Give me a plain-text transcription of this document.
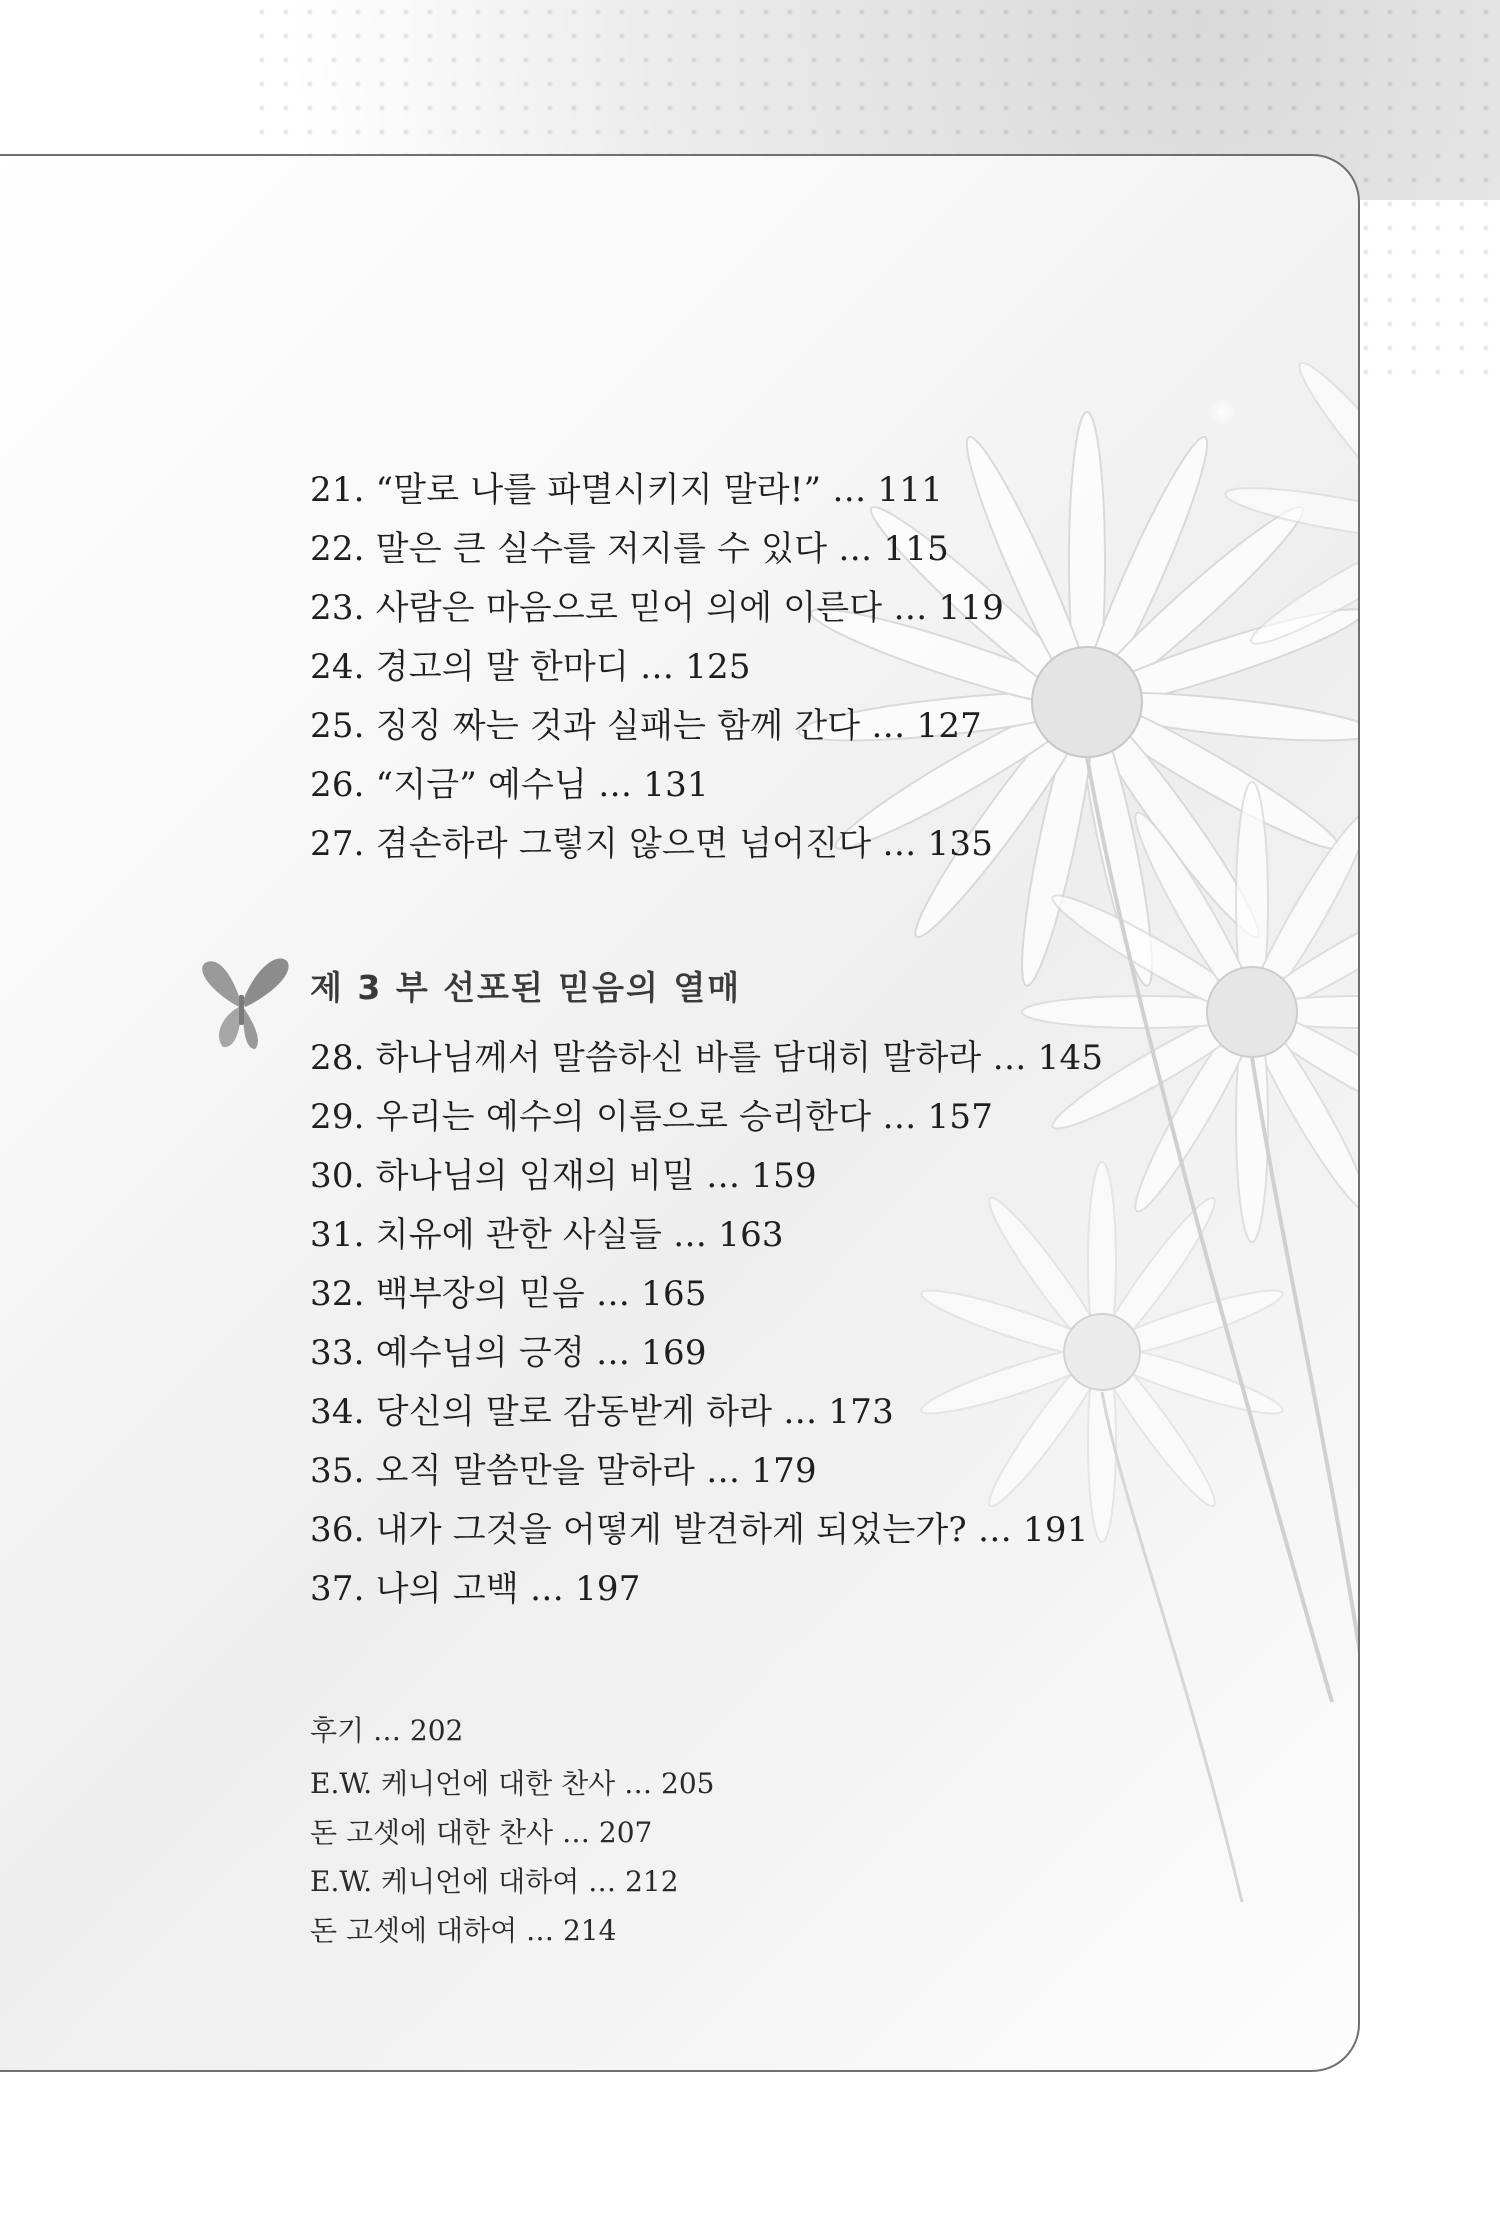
21. “말로 나를 파멸시키지 말라!” … 111
22. 말은 큰 실수를 저지를 수 있다 … 115
23. 사람은 마음으로 믿어 의에 이른다 … 119
24. 경고의 말 한마디 … 125
25. 징징 짜는 것과 실패는 함께 간다 … 127
26. “지금” 예수님 … 131
27. 겸손하라 그렇지 않으면 넘어진다 … 135
제 3 부 선포된 믿음의 열매
28. 하나님께서 말씀하신 바를 담대히 말하라 … 145
29. 우리는 예수의 이름으로 승리한다 … 157
30. 하나님의 임재의 비밀 … 159
31. 치유에 관한 사실들 … 163
32. 백부장의 믿음 … 165
33. 예수님의 긍정 … 169
34. 당신의 말로 감동받게 하라 … 173
35. 오직 말씀만을 말하라 … 179
36. 내가 그것을 어떻게 발견하게 되었는가? … 191
37. 나의 고백 … 197
후기 … 202
E.W. 케니언에 대한 찬사 … 205
돈 고셋에 대한 찬사 … 207
E.W. 케니언에 대하여 … 212
돈 고셋에 대하여 … 214
